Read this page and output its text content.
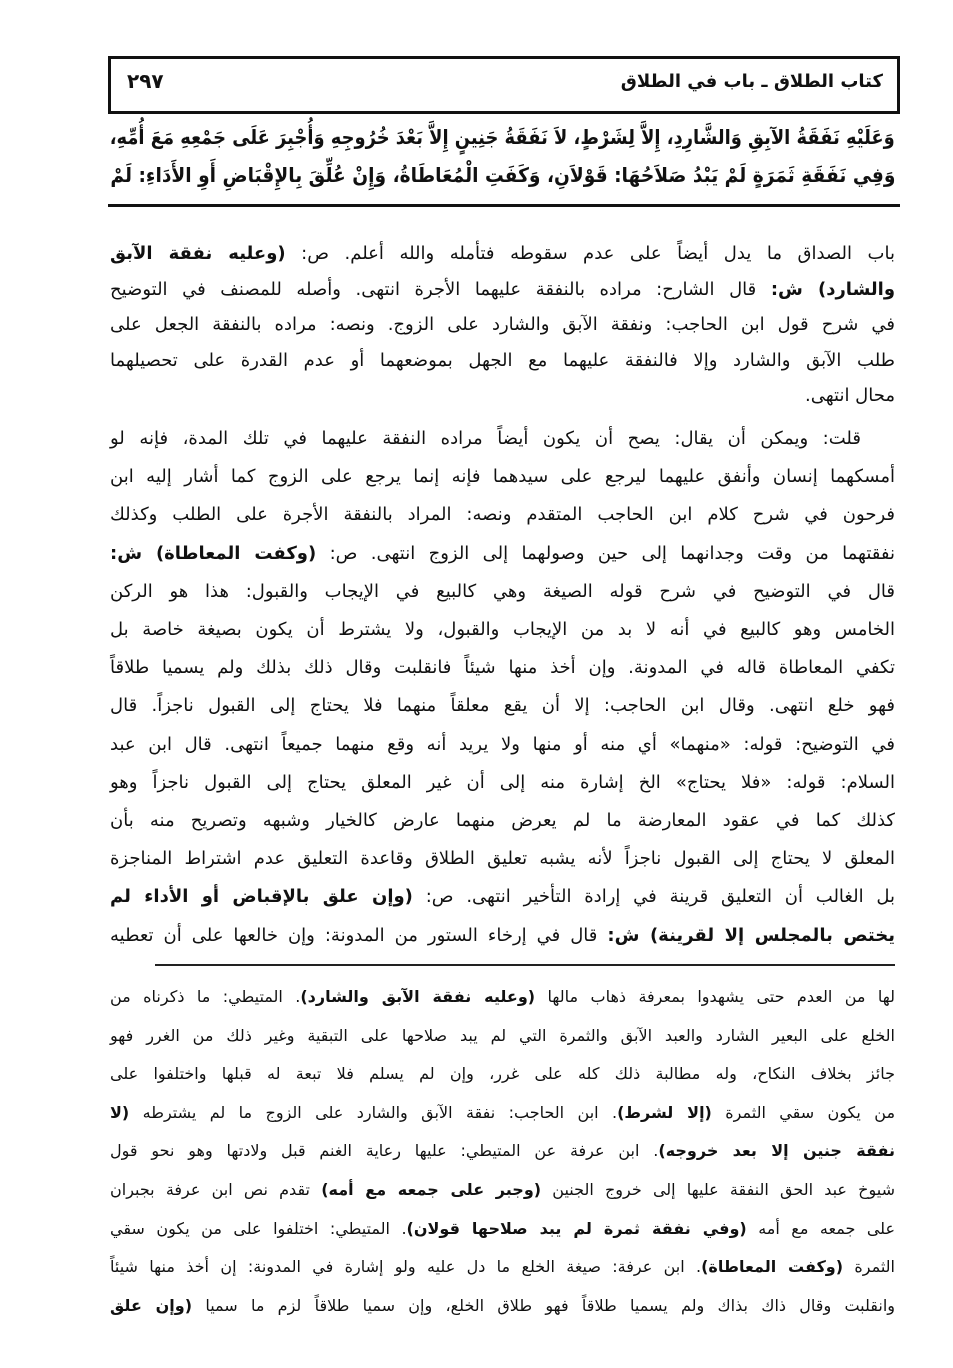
كتاب الطلاق ـ باب في الطلاق
٢٩٧
وَعَلَيْهِ نَفَقَةُ الآبِقِ وَالشَّارِدِ، إِلاَّ لِشَرْطٍ، لاَ نَفَقَةُ جَنِينٍ إِلاَّ بَعْدَ خُرُوجِهِ وَأُجْبِرَ عَلَى جَمْعِهِ مَعَ أُمِّهِ،
وَفِي نَفَقَةِ ثَمَرَةٍ لَمْ يَبْدُ صَلاَحُهَا: قَوْلاَنِ، وَكَفَتِ الْمُعَاطَاةُ، وَإِنْ عُلِّقَ بِالإِقْبَاضِ أَوِ الأَدَاءِ: لَمْ
باب الصداق ما يدل أيضاً على عدم سقوطه فتأمله والله أعلم. ص: (وعليه نفقة الآبق
والشارد) ش: قال الشارح: مراده بالنفقة عليهما الأجرة انتهى. وأصله للمصنف في التوضيح
في شرح قول ابن الحاجب: ونفقة الآبق والشارد على الزوج. ونصه: مراده بالنفقة الجعل على
طلب الآبق والشارد وإلا فالنفقة عليهما مع الجهل بموضعهما أو عدم القدرة على تحصيلهما
محال انتهى.
قلت: ويمكن أن يقال: يصح أن يكون أيضاً مراده النفقة عليهما في تلك المدة، فإنه لو
أمسكهما إنسان وأنفق عليهما ليرجع على سيدهما فإنه إنما يرجع على الزوج كما أشار إليه ابن
فرحون في شرح كلام ابن الحاجب المتقدم ونصه: المراد بالنفقة الأجرة على الطلب وكذلك
نفقتهما من وقت وجدانهما إلى حين وصولهما إلى الزوج انتهى. ص: (وكفت المعاطاة) ش:
قال في التوضيح في شرح قوله الصيغة وهي كالبيع في الإيجاب والقبول: هذا هو الركن
الخامس وهو كالبيع في أنه لا بد من الإيجاب والقبول، ولا يشترط أن يكون بصيغة خاصة بل
تكفي المعاطاة قاله في المدونة. وإن أخذ منها شيئاً فانقلبت وقال ذلك بذلك ولم يسميا طلاقاً
فهو خلع انتهى. وقال ابن الحاجب: إلا أن يقع معلقاً منهما فلا يحتاج إلى القبول ناجزاً. قال
في التوضيح: قوله: «منهما» أي منه أو منها ولا يريد أنه وقع منهما جميعاً انتهى. قال ابن عبد
السلام: قوله: «فلا يحتاج» الخ إشارة منه إلى أن غير المعلق يحتاج إلى القبول ناجزاً وهو
كذلك كما في عقود المعارضة ما لم يعرض منهما عارض كالخيار وشبهه وتصريح منه بأن
المعلق لا يحتاج إلى القبول ناجزاً لأنه يشبه تعليق الطلاق وقاعدة التعليق عدم اشتراط المناجزة
بل الغالب أن التعليق قرينة في إرادة التأخير انتهى. ص: (وإن علق بالإقباض أو الأداء لم
يختص بالمجلس إلا لقرينة) ش: قال في إرخاء الستور من المدونة: وإن خالعها على أن تعطيه
لها من العدم حتى يشهدوا بمعرفة ذهاب مالها (وعليه نفقة الآبق والشارد). المتيطي: ما ذكرناه من
الخلع على البعير الشارد والعبد الآبق والثمرة التي لم يبد صلاحها على التبقية وغير ذلك من الغرر فهو
جائز بخلاف النكاح، وله مطالبة ذلك كله على غرر، وإن لم يسلم فلا تبعة له قبلها واختلفوا على
من يكون سقي الثمرة (إلا لشرط). ابن الحاجب: نفقة الآبق والشارد على الزوج ما لم يشترطه (لا
نفقة جنين إلا بعد خروجه). ابن عرفة عن المتيطي: عليها رعاية الغنم قبل ولادتها وهو نحو قول
شيوخ عبد الحق النفقة عليها إلى خروج الجنين (وجبر على جمعه مع أمه) تقدم نص ابن عرفة بجبران
على جمعه مع أمه (وفي نفقة ثمرة لم يبد صلاحها قولان). المتيطي: اختلفوا على من يكون سقي
الثمرة (وكفت المعاطاة). ابن عرفة: صيغة الخلع ما دل عليه ولو إشارة في المدونة: إن أخذ منها شيئاً
وانقلبت وقال ذاك بذاك ولم يسميا طلاقاً فهو طلاق الخلع، وإن سميا طلاقاً لزم ما سميا (وإن علق
